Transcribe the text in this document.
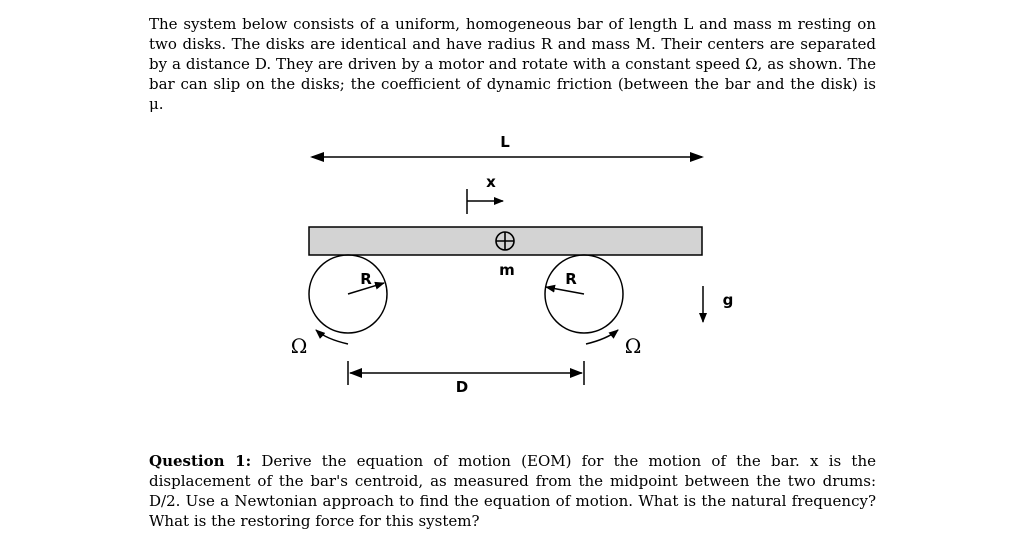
The system below consists of a uniform, homogeneous bar of length L and mass m resting on two disks. The disks are identical and have radius R and mass M. Their centers are separated by a distance D. They are driven by a motor and rotate with a constant speed Ω, as shown. The bar can slip on the disks; the coefficient of dynamic friction (between the bar and the disk) is μ.
L
x
m
R	R
Ω	Ω
g
D
Question 1: Derive the equation of motion (EOM) for the motion of the bar. x is the displacement of the bar's centroid, as measured from the midpoint between the two drums: D/2. Use a Newtonian approach to find the equation of motion. What is the natural frequency? What is the restoring force for this system?
